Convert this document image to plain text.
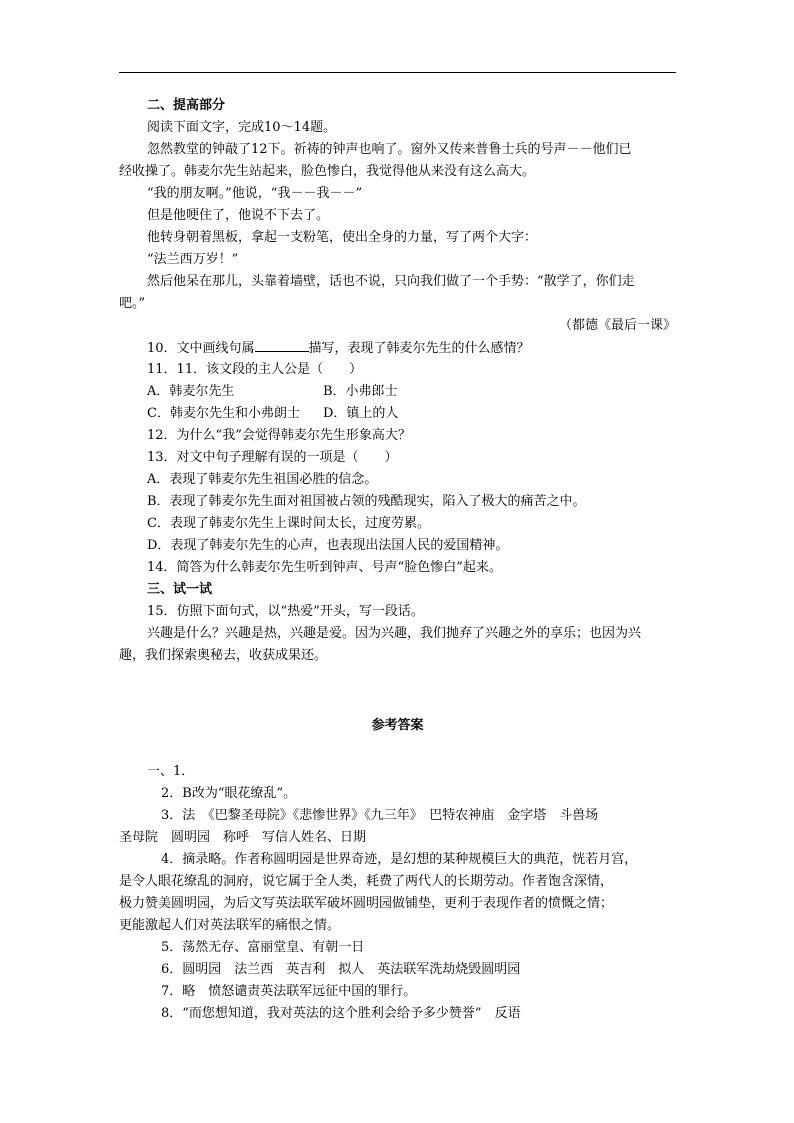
二、提高部分
阅读下面文字，完成10～14题。
忽然教堂的钟敲了12下。祈祷的钟声也响了。窗外又传来普鲁士兵的号声－－他们已
经收操了。韩麦尔先生站起来，脸色惨白，我觉得他从来没有这么高大。
“我的朋友啊。”他说，“我－－我－－”
但是他哽住了，他说不下去了。
他转身朝着黑板，拿起一支粉笔，使出全身的力量，写了两个大字：
“法兰西万岁！”
然后他呆在那儿，头靠着墙壁，话也不说，只向我们做了一个手势：“散学了，你们走
吧。”
（都德《最后一课》
10．文中画线句属	描写，表现了韩麦尔先生的什么感情？
11．11．该文段的主人公是（　　）
A．韩麦尔先生	B．小弗郎士
C．韩麦尔先生和小弗朗士 D．镇上的人
12．为什么“我”会觉得韩麦尔先生形象高大？
13．对文中句子理解有误的一项是（　　）
A．表现了韩麦尔先生祖国必胜的信念。
B．表现了韩麦尔先生面对祖国被占领的残酷现实，陷入了极大的痛苦之中。
C．表现了韩麦尔先生上课时间太长，过度劳累。
D．表现了韩麦尔先生的心声，也表现出法国人民的爱国精神。
14．简答为什么韩麦尔先生听到钟声、号声“脸色惨白”起来。
三、试一试
15．仿照下面句式，以“热爱”开头，写一段话。
兴趣是什么？兴趣是热，兴趣是爱。因为兴趣，我们抛弃了兴趣之外的享乐；也因为兴
趣，我们探索奥秘去，收获成果还。
参考答案
一、1．
2．B改为“眼花缭乱”。
3．法　《巴黎圣母院》《悲惨世界》《九三年》　巴特农神庙　金字塔　斗兽场
圣母院　圆明园　称呼　写信人姓名、日期
4．摘录略。作者称圆明园是世界奇迹，是幻想的某种规模巨大的典范，恍若月宫，
是令人眼花缭乱的洞府，说它属于全人类，耗费了两代人的长期劳动。作者饱含深情，
极力赞美圆明园，为后文写英法联军破坏圆明园做铺垫，更利于表现作者的愤慨之情；
更能激起人们对英法联军的痛恨之情。
5．荡然无存、富丽堂皇、有朝一日
6．圆明园　法兰西　英吉利　拟人　英法联军洗劫烧毁圆明园
7．略　愤怒谴责英法联军远征中国的罪行。
8．“而您想知道，我对英法的这个胜利会给予多少赞誉”　反语
